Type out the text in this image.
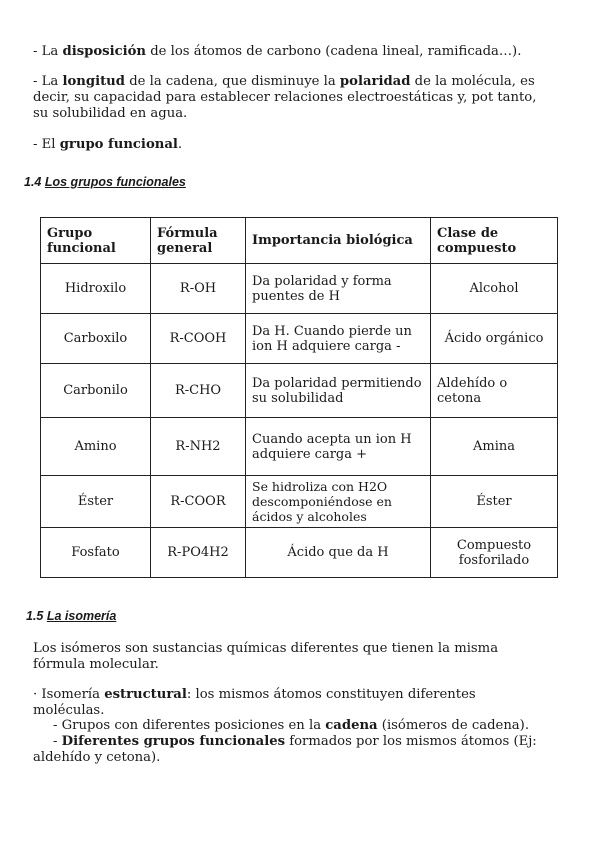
- La disposición de los átomos de carbono (cadena lineal, ramificada…).
- La longitud de la cadena, que disminuye la polaridad de la molécula, es decir, su capacidad para establecer relaciones electroestáticas y, pot tanto, su solubilidad en agua.
- El grupo funcional.
1.4 Los grupos funcionales
Grupo funcional	Fórmula general	Importancia biológica	Clase de compuesto
Hidroxilo	R-OH	Da polaridad y forma puentes de H	Alcohol
Carboxilo	R-COOH	Da H. Cuando pierde un ion H adquiere carga -	Ácido orgánico
Carbonilo	R-CHO	Da polaridad permitiendo su solubilidad	Aldehído o cetona
Amino	R-NH2	Cuando acepta un ion H adquiere carga +	Amina
Éster	R-COOR	Se hidroliza con H2O descomponiéndose en ácidos y alcoholes	Éster
Fosfato	R-PO4H2	Ácido que da H	Compuesto fosforilado
1.5 La isomería
Los isómeros son sustancias químicas diferentes que tienen la misma fórmula molecular.
· Isomería estructural: los mismos átomos constituyen diferentes moléculas.
- Grupos con diferentes posiciones en la cadena (isómeros de cadena).
- Diferentes grupos funcionales formados por los mismos átomos (Ej: aldehído y cetona).
